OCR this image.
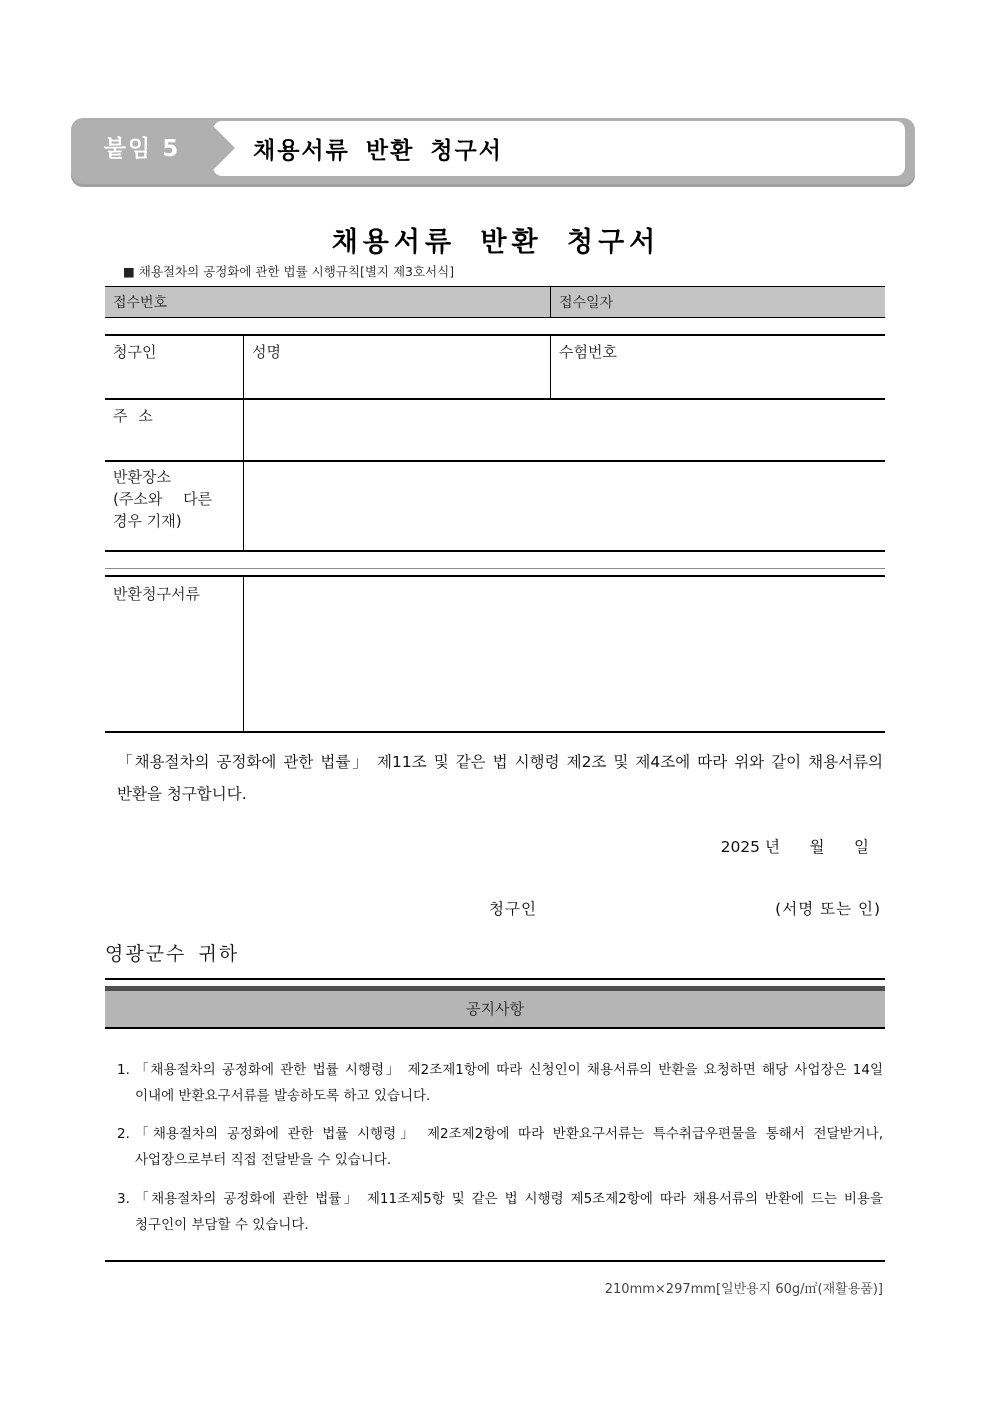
붙임 5	채용서류 반환 청구서
채용서류 반환 청구서
■ 채용절차의 공정화에 관한 법률 시행규칙[별지 제3호서식]
접수번호	접수일자
청구인	성명	수험번호
주 소
반환장소
(주소와 다른
경우 기재)
반환청구서류

「채용절차의 공정화에 관한 법률」 제11조 및 같은 법 시행령 제2조 및 제4조에 따라 위와 같이 채용서류의 반환을 청구합니다.

2025 년      월      일
청구인	(서명 또는 인)
영광군수 귀하
공지사항
1. 「채용절차의 공정화에 관한 법률 시행령」 제2조제1항에 따라 신청인이 채용서류의 반환을 요청하면 해당 사업장은 14일 이내에 반환요구서류를 발송하도록 하고 있습니다.
2. 「채용절차의 공정화에 관한 법률 시행령」 제2조제2항에 따라 반환요구서류는 특수취급우편물을 통해서 전달받거나, 사업장으로부터 직접 전달받을 수 있습니다.
3. 「채용절차의 공정화에 관한 법률」 제11조제5항 및 같은 법 시행령 제5조제2항에 따라 채용서류의 반환에 드는 비용을 청구인이 부담할 수 있습니다.
210mm×297mm[일반용지 60g/㎡(재활용품)]
